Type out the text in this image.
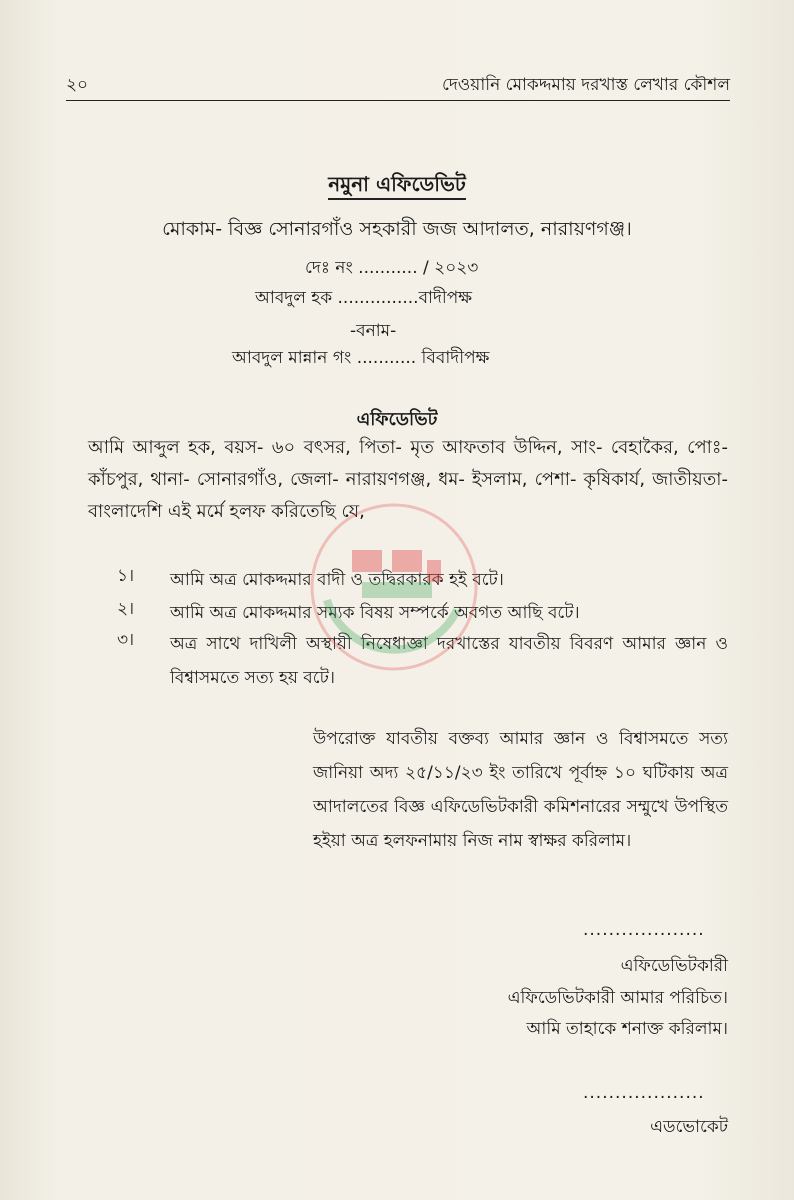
২০	দেওয়ানি মোকদ্দমায় দরখাস্ত লেখার কৌশল
নমুনা এফিডেভিট
মোকাম- বিজ্ঞ সোনারগাঁও সহকারী জজ আদালত, নারায়ণগঞ্জ।
দেঃ নং ........... / ২০২৩
আবদুল হক ...............বাদীপক্ষ
-বনাম-
আবদুল মান্নান গং ........... বিবাদীপক্ষ
এফিডেভিট
আমি আব্দুল হক, বয়স- ৬০ বৎসর, পিতা- মৃত আফতাব উদ্দিন, সাং- বেহাকৈর, পোঃ-কাঁচপুর, থানা- সোনারগাঁও, জেলা- নারায়ণগঞ্জ, ধম- ইসলাম, পেশা- কৃষিকার্য, জাতীয়তা- বাংলাদেশি এই মর্মে হলফ করিতেছি যে,
১। আমি অত্র মোকদ্দমার বাদী ও তদ্বিরকারক হই বটে।
২। আমি অত্র মোকদ্দমার সম্যক বিষয় সম্পর্কে অবগত আছি বটে।
৩। অত্র সাথে দাখিলী অস্থায়ী নিষেধাজ্ঞা দরখাস্তের যাবতীয় বিবরণ আমার জ্ঞান ও বিশ্বাসমতে সত্য হয় বটে।
উপরোক্ত যাবতীয় বক্তব্য আমার জ্ঞান ও বিশ্বাসমতে সত্য জানিয়া অদ্য ২৫/১১/২৩ ইং তারিখে পূর্বাহ্ন ১০ ঘটিকায় অত্র আদালতের বিজ্ঞ এফিডেভিটকারী কমিশনারের সম্মুখে উপস্থিত হইয়া অত্র হলফনামায় নিজ নাম স্বাক্ষর করিলাম।
...................
এফিডেভিটকারী
এফিডেভিটকারী আমার পরিচিত।
আমি তাহাকে শনাক্ত করিলাম।
...................
এডভোকেট
